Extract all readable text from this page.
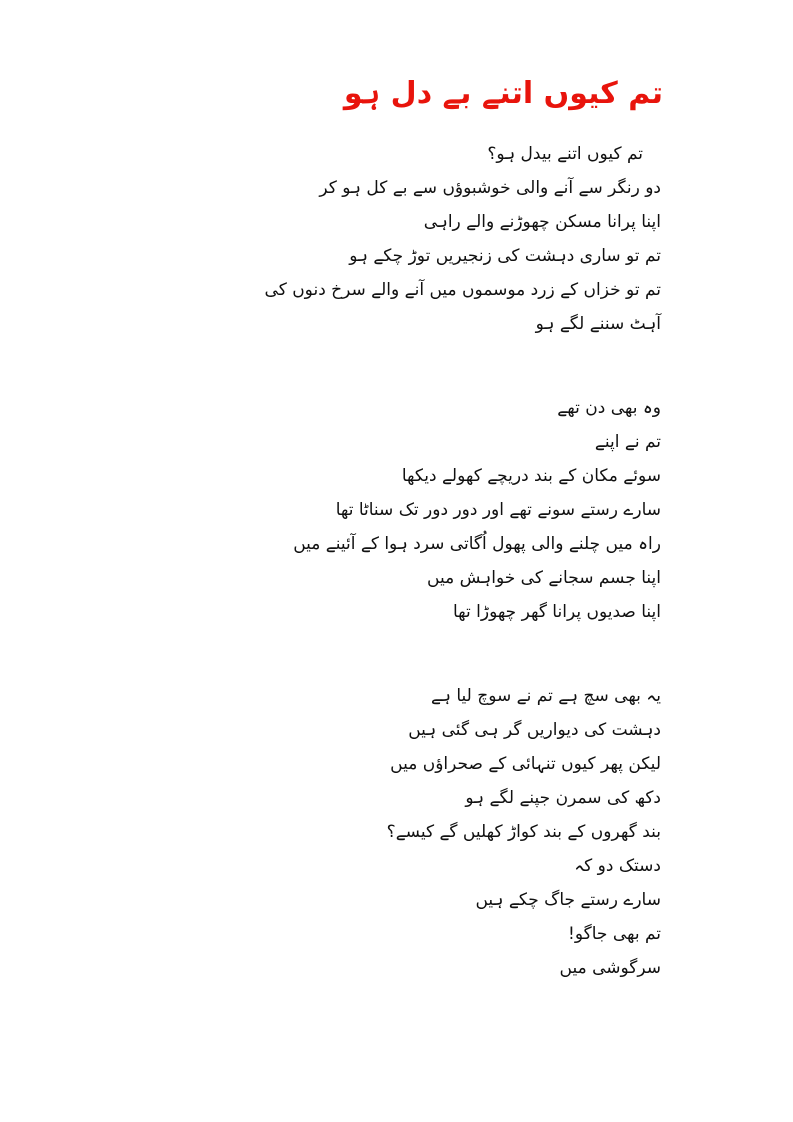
تم کیوں اتنے بے دل ہو
تم کیوں اتنے بیدل ہو؟
دو رنگر سے آنے والی خوشبوؤں سے بے کل ہو کر
اپنا پرانا مسکن چھوڑنے والے راہی
تم تو ساری دہشت کی زنجیریں توڑ چکے ہو
تم تو خزاں کے زرد موسموں میں آنے والے سرخ دنوں کی
آہٹ سننے لگے ہو
وہ بھی دن تھے
تم نے اپنے
سوئے مکان کے بند دریچے کھولے دیکھا
سارے رستے سونے تھے اور دور دور تک سناٹا تھا
راہ میں چلنے والی پھول اُگاتی سرد ہوا کے آئینے میں
اپنا جسم سجانے کی خواہش میں
اپنا صدیوں پرانا گھر چھوڑا تھا
یہ بھی سچ ہے تم نے سوچ لیا ہے
دہشت کی دیواریں گر ہی گئی ہیں
لیکن پھر کیوں تنہائی کے صحراؤں میں
دکھ کی سمرن جپنے لگے ہو
بند گھروں کے بند کواڑ کھلیں گے کیسے؟
دستک دو کہ
سارے رستے جاگ چکے ہیں
تم بھی جاگو!
سرگوشی میں
